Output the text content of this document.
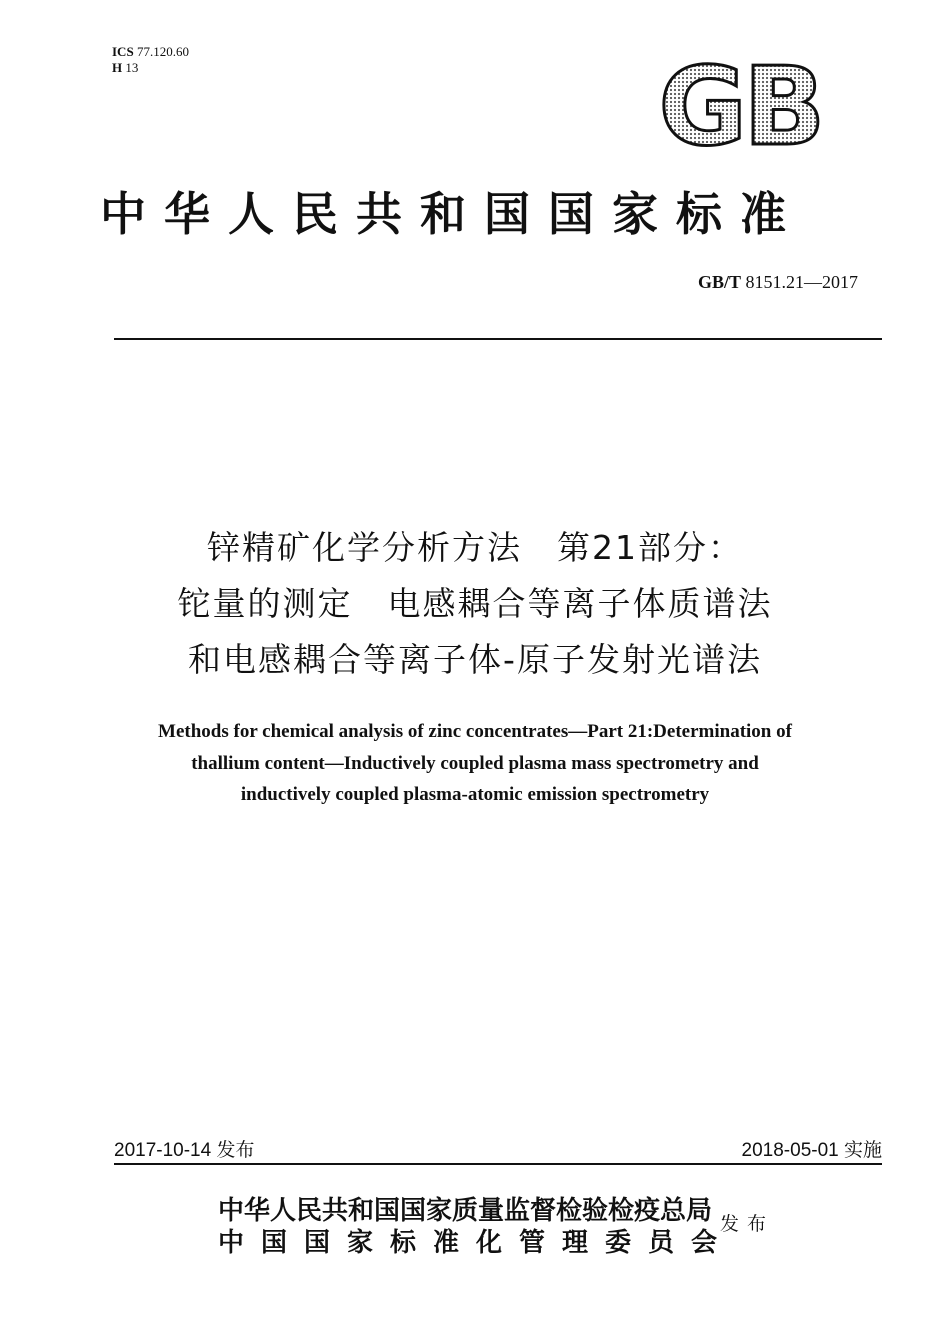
ICS 77.120.60
H 13	GB
中华人民共和国国家标准
GB/T 8151.21—2017
锌精矿化学分析方法　第21部分：
铊量的测定　电感耦合等离子体质谱法
和电感耦合等离子体-原子发射光谱法
Methods for chemical analysis of zinc concentrates—Part 21:Determination of
thallium content—Inductively coupled plasma mass spectrometry and
inductively coupled plasma-atomic emission spectrometry
2017-10-14 发布	2018-05-01 实施
中华人民共和国国家质量监督检验检疫总局
中国国家标准化管理委员会
发布
